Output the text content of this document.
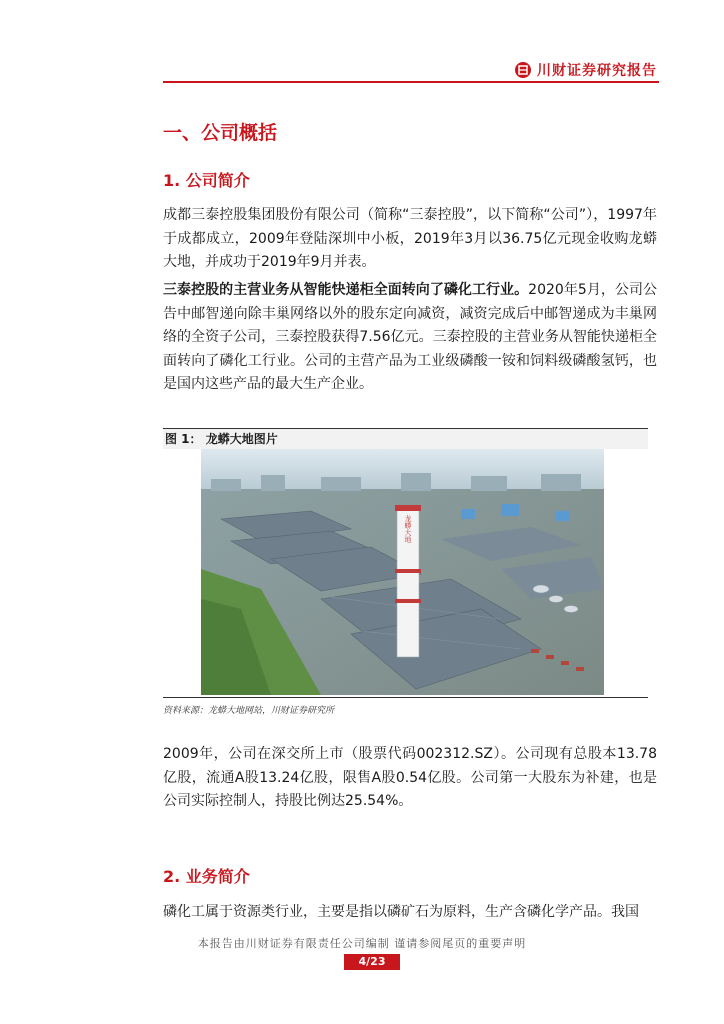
川财证券研究报告
一、公司概括
1. 公司简介

成都三泰控股集团股份有限公司（简称“三泰控股”，以下简称“公司”），1997年于成都成立，2009年登陆深圳中小板，2019年3月以36.75亿元现金收购龙蟒大地，并成功于2019年9月并表。

三泰控股的主营业务从智能快递柜全面转向了磷化工行业。2020年5月，公司公告中邮智递向除丰巢网络以外的股东定向减资，减资完成后中邮智递成为丰巢网络的全资子公司，三泰控股获得7.56亿元。三泰控股的主营业务从智能快递柜全面转向了磷化工行业。公司的主营产品为工业级磷酸一铵和饲料级磷酸氢钙，也是国内这些产品的最大生产企业。

图 1： 龙蟒大地图片
龙蟒大地
资料来源：龙蟒大地网站，川财证券研究所

2009年，公司在深交所上市（股票代码002312.SZ）。公司现有总股本13.78亿股，流通A股13.24亿股，限售A股0.54亿股。公司第一大股东为补建，也是公司实际控制人，持股比例达25.54%。

2. 业务简介

磷化工属于资源类行业，主要是指以磷矿石为原料，生产含磷化学产品。我国

本报告由川财证券有限责任公司编制 谨请参阅尾页的重要声明
4/23
